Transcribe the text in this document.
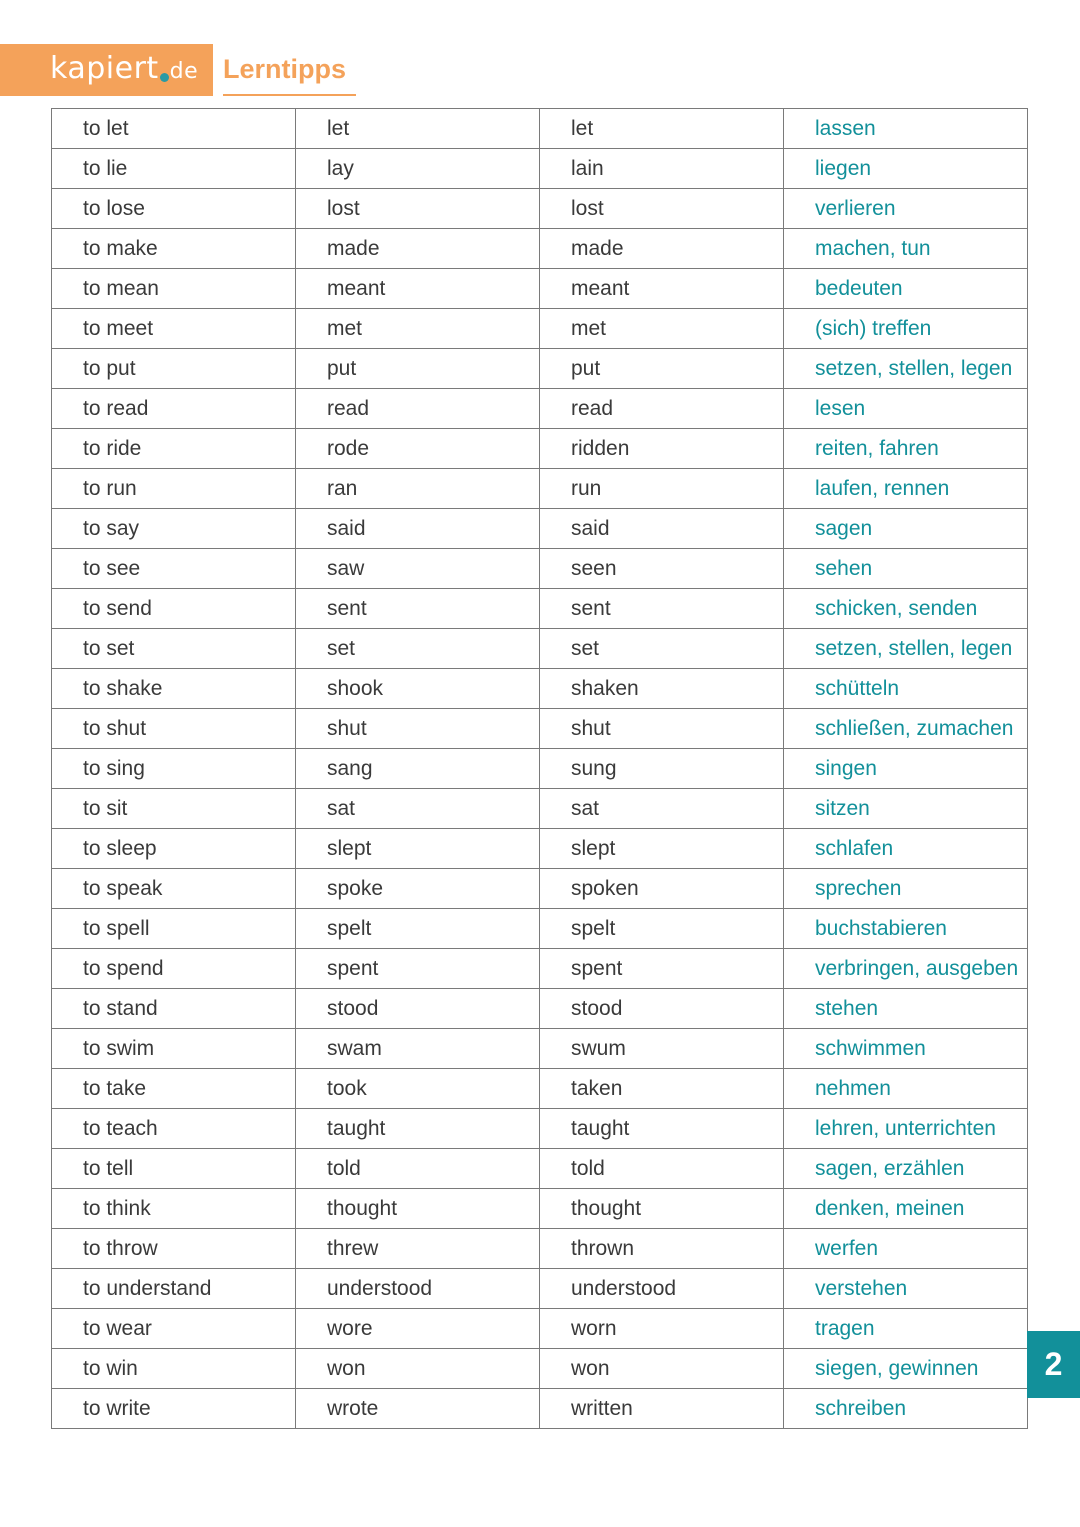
kapiert de Lerntipps
to let	let	let	lassen
to lie	lay	lain	liegen
to lose	lost	lost	verlieren
to make	made	made	machen, tun
to mean	meant	meant	bedeuten
to meet	met	met	(sich) treffen
to put	put	put	setzen, stellen, legen
to read	read	read	lesen
to ride	rode	ridden	reiten, fahren
to run	ran	run	laufen, rennen
to say	said	said	sagen
to see	saw	seen	sehen
to send	sent	sent	schicken, senden
to set	set	set	setzen, stellen, legen
to shake	shook	shaken	schütteln
to shut	shut	shut	schließen, zumachen
to sing	sang	sung	singen
to sit	sat	sat	sitzen
to sleep	slept	slept	schlafen
to speak	spoke	spoken	sprechen
to spell	spelt	spelt	buchstabieren
to spend	spent	spent	verbringen, ausgeben
to stand	stood	stood	stehen
to swim	swam	swum	schwimmen
to take	took	taken	nehmen
to teach	taught	taught	lehren, unterrichten
to tell	told	told	sagen, erzählen
to think	thought	thought	denken, meinen
to throw	threw	thrown	werfen
to understand	understood	understood	verstehen
to wear	wore	worn	tragen
to win	won	won	siegen, gewinnen
to write	wrote	written	schreiben
2
